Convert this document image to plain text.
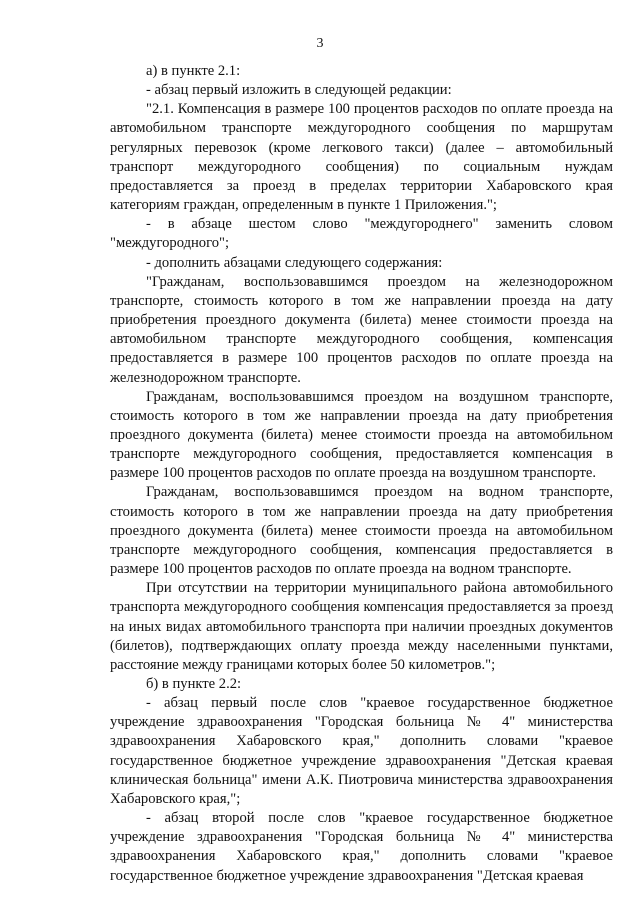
3

а) в пункте 2.1:

- абзац первый изложить в следующей редакции:

"2.1. Компенсация в размере 100 процентов расходов по оплате проезда на автомобильном транспорте междугородного сообщения по маршрутам регулярных перевозок (кроме легкового такси) (далее – автомобильный транспорт междугородного сообщения) по социальным нуждам предоставляется за проезд в пределах территории Хабаровского края категориям граждан, определенным в пункте 1 Приложения.";

- в абзаце шестом слово "междугороднего" заменить словом "междугородного";

- дополнить абзацами следующего содержания:

"Гражданам, воспользовавшимся проездом на железнодорожном транспорте, стоимость которого в том же направлении проезда на дату приобретения проездного документа (билета) менее стоимости проезда на автомобильном транспорте междугородного сообщения, компенсация предоставляется в размере 100 процентов расходов по оплате проезда на железнодорожном транспорте.

Гражданам, воспользовавшимся проездом на воздушном транспорте, стоимость которого в том же направлении проезда на дату приобретения проездного документа (билета) менее стоимости проезда на автомобильном транспорте междугородного сообщения, предоставляется компенсация в размере 100 процентов расходов по оплате проезда на воздушном транспорте.

Гражданам, воспользовавшимся проездом на водном транспорте, стоимость которого в том же направлении проезда на дату приобретения проездного документа (билета) менее стоимости проезда на автомобильном транспорте междугородного сообщения, компенсация предоставляется в размере 100 процентов расходов по оплате проезда на водном транспорте.

При отсутствии на территории муниципального района автомобильного транспорта междугородного сообщения компенсация предоставляется за проезд на иных видах автомобильного транспорта при наличии проездных документов (билетов), подтверждающих оплату проезда между населенными пунктами, расстояние между границами которых более 50 километров.";

б) в пункте 2.2:

- абзац первый после слов "краевое государственное бюджетное учреждение здравоохранения "Городская больница № 4" министерства здравоохранения Хабаровского края," дополнить словами "краевое государственное бюджетное учреждение здравоохранения "Детская краевая клиническая больница" имени А.К. Пиотровича министерства здравоохранения Хабаровского края,";

- абзац второй после слов "краевое государственное бюджетное учреждение здравоохранения "Городская больница № 4" министерства здравоохранения Хабаровского края," дополнить словами "краевое государственное бюджетное учреждение здравоохранения "Детская краевая
